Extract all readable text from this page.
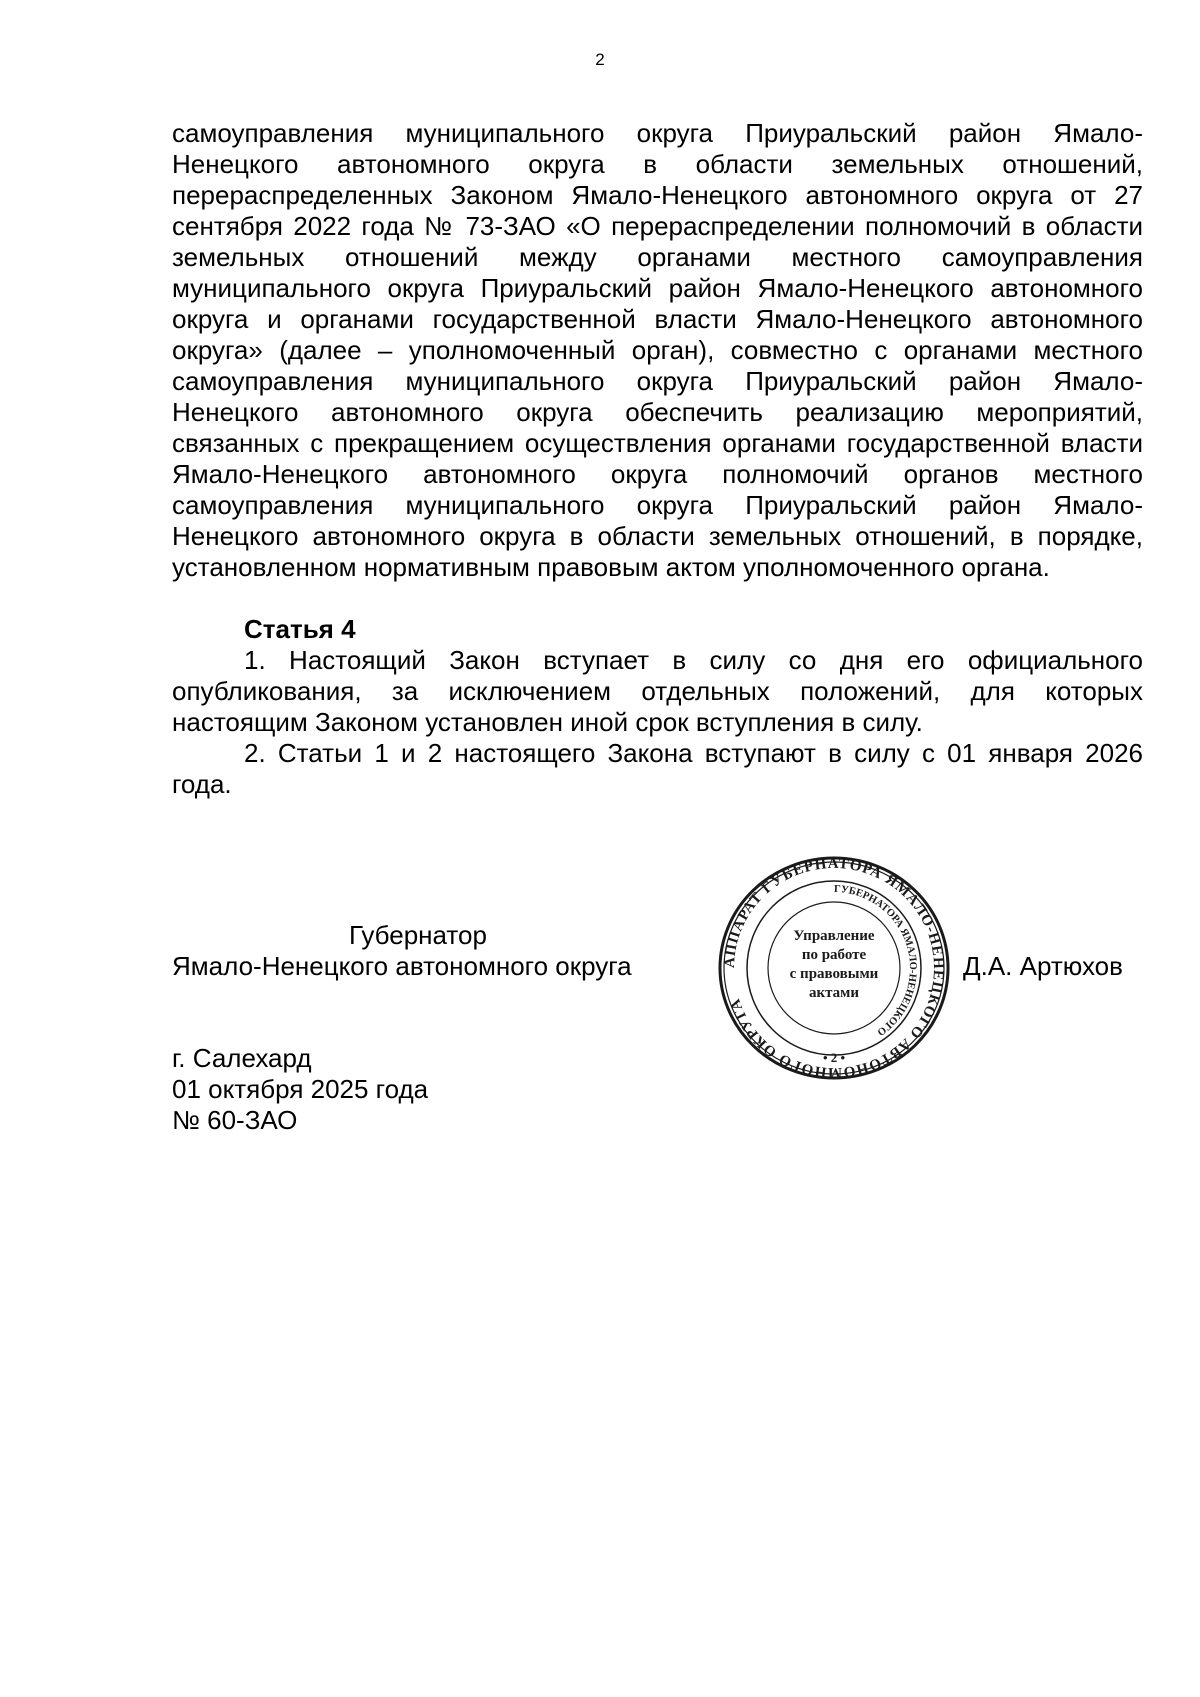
2

самоуправления муниципального округа Приуральский район Ямало-Ненецкого автономного округа в области земельных отношений, перераспределенных Законом Ямало-Ненецкого автономного округа от 27 сентября 2022 года № 73-ЗАО «О перераспределении полномочий в области земельных отношений между органами местного самоуправления муниципального округа Приуральский район Ямало-Ненецкого автономного округа и органами государственной власти Ямало-Ненецкого автономного округа» (далее – уполномоченный орган), совместно с органами местного самоуправления муниципального округа Приуральский район Ямало-Ненецкого автономного округа обеспечить реализацию мероприятий, связанных с прекращением осуществления органами государственной власти Ямало-Ненецкого автономного округа полномочий органов местного самоуправления муниципального округа Приуральский район Ямало-Ненецкого автономного округа в области земельных отношений, в порядке, установленном нормативным правовым актом уполномоченного органа.

Статья 4

1. Настоящий Закон вступает в силу со дня его официального опубликования, за исключением отдельных положений, для которых настоящим Законом установлен иной срок вступления в силу.

2. Статьи 1 и 2 настоящего Закона вступают в силу с 01 января 2026 года.

Губернатор
Ямало-Ненецкого автономного округа	Д.А. Артюхов
АППАРАТ ГУБЕРНАТОРА ЯМАЛО-НЕНЕЦКОГО АВТОНОМНОГО ОКРУГА
ГУБЕРНАТОРА ЯМАЛО-НЕНЕЦКОГО
Управление по работе с правовыми актами
• 2 •
г. Салехард
01 октября 2025 года
№ 60-ЗАО
